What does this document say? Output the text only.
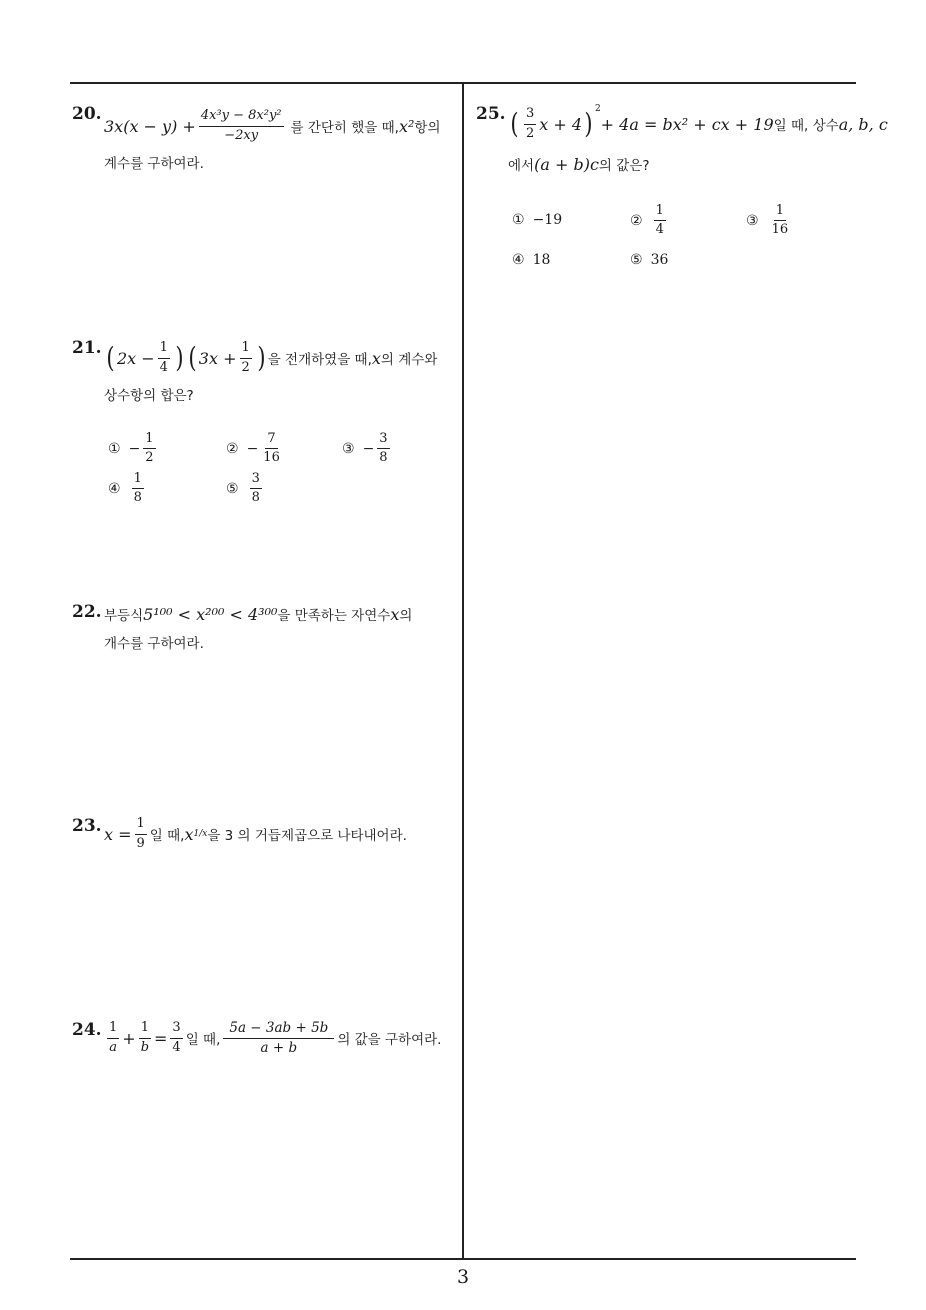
3
20.
$3x(x - y) + \frac{\text{4x³y − 8x²y²}}{-2xy}$ 를 간단히 했을 때, x² 항의
계수를 구하여라.
21. ( $2x - \frac{1}{4}$ ) ( $3x + \frac{1}{2}$ ) 을 전개하였을 때, x 의 계수와
상수항의 합은?
① − $\frac{1}{2}$	② − $\frac{7}{16}$	③ − $\frac{3}{8}$
④ $\frac{1}{8}$	⑤ $\frac{3}{8}$
22. 부등식 5¹⁰⁰ < x²⁰⁰ < 4³⁰⁰ 을 만족하는 자연수 x 의
개수를 구하여라.
23. $x = \frac{1}{9}$ 일 때, x 1/x 을 3 의 거듭제곱으로 나타내어라.
24. $\frac{1}{a} + \frac{1}{b} = \frac{3}{4}$ 일 때, $\frac{5a - 3ab + 5b}{a + b}$ 의 값을 구하여라.
25. ( $\frac{3}{2}$ x + 4 ) $^2$
+ 4a = bx² + cx + 19 일 때, 상수 a, b, c
에서 (a + b)c 의 값은?
① −19	② $\frac{1}{4}$	③ $\frac{1}{16}$
④ 18	⑤ 36
